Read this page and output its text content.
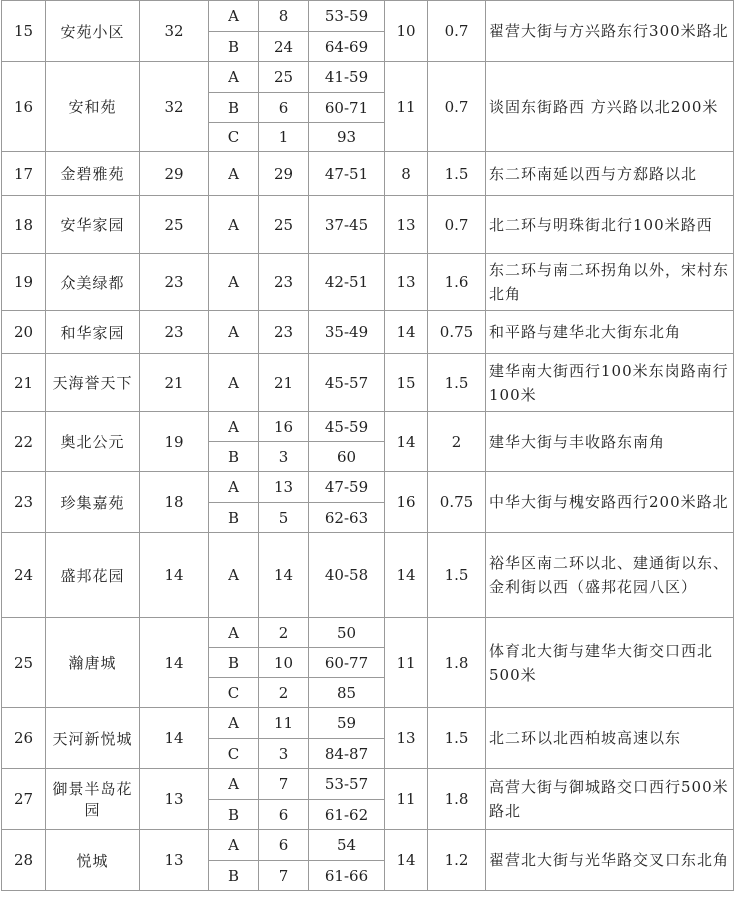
15	安苑小区	32	A	8	53-59	10	0.7	翟营大街与方兴路东行300米路北
			B	24	64-69			
16	安和苑	32	A	25	41-59	11	0.7	谈固东街路西 方兴路以北200米
			B	6	60-71			
			C	1	93			
17	金碧雅苑	29	A	29	47-51	8	1.5	东二环南延以西与方郄路以北
18	安华家园	25	A	25	37-45	13	0.7	北二环与明珠街北行100米路西
19	众美绿都	23	A	23	42-51	13	1.6	东二环与南二环拐角以外，宋村东北角
20	和华家园	23	A	23	35-49	14	0.75	和平路与建华北大街东北角
21	天海誉天下	21	A	21	45-57	15	1.5	建华南大街西行100米东岗路南行100米
22	奥北公元	19	A	16	45-59	14	2	建华大街与丰收路东南角
			B	3	60			
23	珍集嘉苑	18	A	13	47-59	16	0.75	中华大街与槐安路西行200米路北
			B	5	62-63			
24	盛邦花园	14	A	14	40-58	14	1.5	裕华区南二环以北、建通街以东、金利街以西（盛邦花园八区）
25	瀚唐城	14	A	2	50	11	1.8	体育北大街与建华大街交口西北500米
			B	10	60-77			
			C	2	85			
26	天河新悦城	14	A	11	59	13	1.5	北二环以北西柏坡高速以东
			C	3	84-87			
27	御景半岛花园	13	A	7	53-57	11	1.8	高营大街与御城路交口西行500米路北
			B	6	61-62			
28	悦城	13	A	6	54	14	1.2	翟营北大街与光华路交叉口东北角
			B	7	61-66			
